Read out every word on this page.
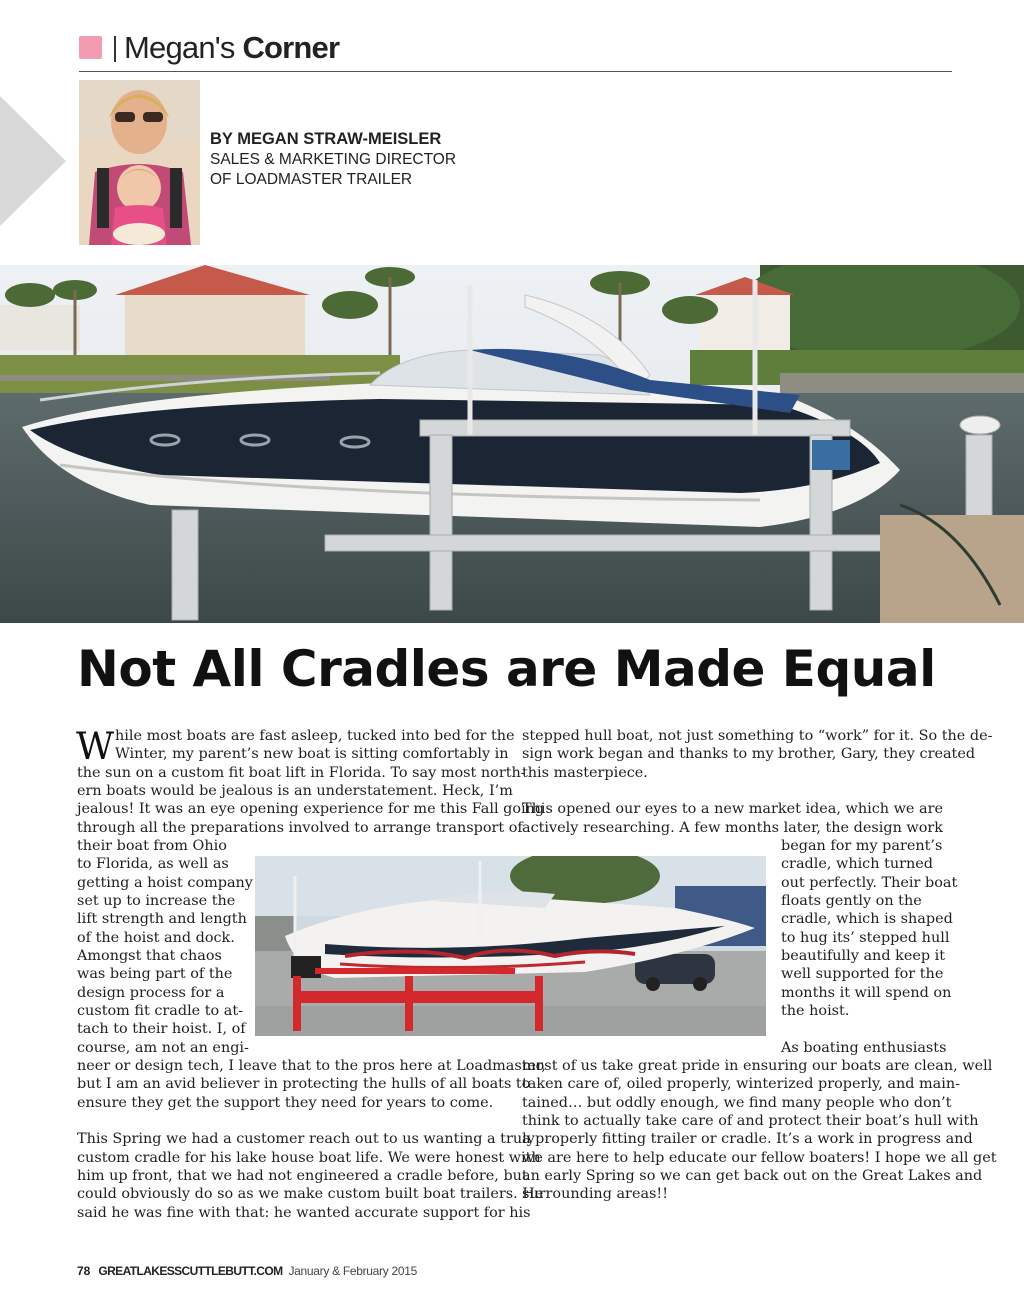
Megan's Corner
BY MEGAN STRAW-MEISLER
SALES & MARKETING DIRECTOR
OF LOADMASTER TRAILER
Not All Cradles are Made Equal
W hile most boats are fast asleep, tucked into bed for the
Winter, my parent’s new boat is sitting comfortably in
the sun on a custom fit boat lift in Florida. To say most north-
ern boats would be jealous is an understatement. Heck, I’m
jealous! It was an eye opening experience for me this Fall going
through all the preparations involved to arrange transport of
their boat from Ohio
to Florida, as well as
getting a hoist company
set up to increase the
lift strength and length
of the hoist and dock.
Amongst that chaos
was being part of the
design process for a
custom fit cradle to at-
tach to their hoist. I, of
course, am not an engi-
neer or design tech, I leave that to the pros here at Loadmaster,
but I am an avid believer in protecting the hulls of all boats to
ensure they get the support they need for years to come.
This Spring we had a customer reach out to us wanting a truly
custom cradle for his lake house boat life. We were honest with
him up front, that we had not engineered a cradle before, but
could obviously do so as we make custom built boat trailers. He
said he was fine with that: he wanted accurate support for his
stepped hull boat, not just something to “work” for it. So the de-
sign work began and thanks to my brother, Gary, they created
this masterpiece.
This opened our eyes to a new market idea, which we are
actively researching. A few months later, the design work
began for my parent’s
cradle, which turned
out perfectly. Their boat
floats gently on the
cradle, which is shaped
to hug its’ stepped hull
beautifully and keep it
well supported for the
months it will spend on
the hoist.
As boating enthusiasts
most of us take great pride in ensuring our boats are clean, well
taken care of, oiled properly, winterized properly, and main-
tained… but oddly enough, we find many people who don’t
think to actually take care of and protect their boat’s hull with
a properly fitting trailer or cradle. It’s a work in progress and
we are here to help educate our fellow boaters! I hope we all get
an early Spring so we can get back out on the Great Lakes and
surrounding areas!!
78 GREATLAKESSCUTTLEBUTT.COM January & February 2015
